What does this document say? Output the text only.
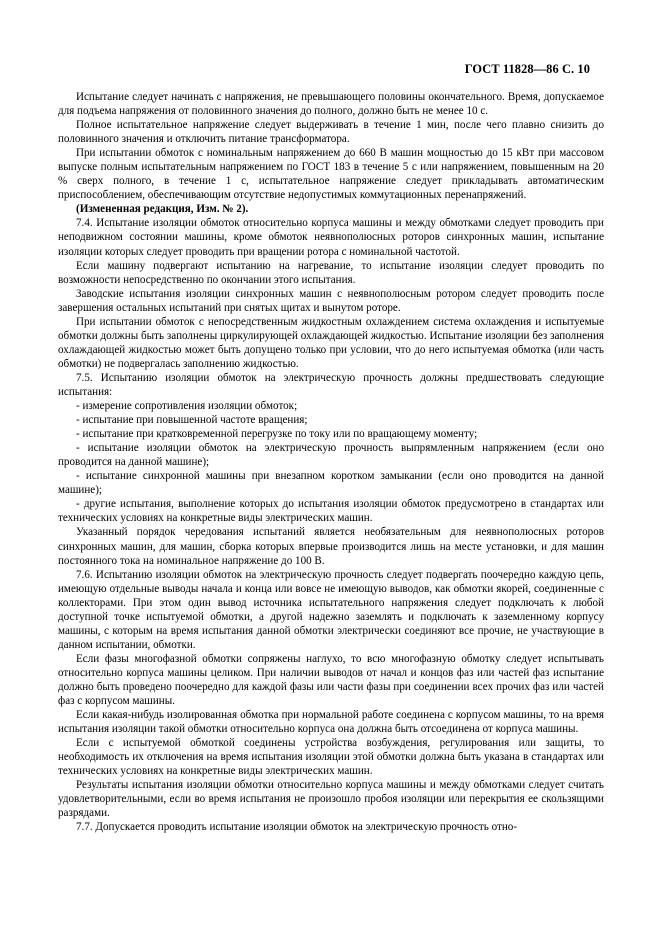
ГОСТ 11828—86 С. 10

Испытание следует начинать с напряжения, не превышающего половины окончательного. Время, допускаемое для подъема напряжения от половинного значения до полного, должно быть не менее 10 с.

Полное испытательное напряжение следует выдерживать в течение 1 мин, после чего плавно снизить до половинного значения и отключить питание трансформатора.

При испытании обмоток с номинальным напряжением до 660 В машин мощностью до 15 кВт при массовом выпуске полным испытательным напряжением по ГОСТ 183 в течение 5 с или напряжением, повышенным на 20 % сверх полного, в течение 1 с, испытательное напряжение следует прикладывать автоматическим приспособлением, обеспечивающим отсутствие недопустимых коммутационных перенапряжений.

(Измененная редакция, Изм. № 2).

7.4. Испытание изоляции обмоток относительно корпуса машины и между обмотками следует проводить при неподвижном состоянии машины, кроме обмоток неявнополюсных роторов синхронных машин, испытание изоляции которых следует проводить при вращении ротора с номинальной частотой.

Если машину подвергают испытанию на нагревание, то испытание изоляции следует проводить по возможности непосредственно по окончании этого испытания.

Заводские испытания изоляции синхронных машин с неявнополюсным ротором следует проводить после завершения остальных испытаний при снятых щитах и вынутом роторе.

При испытании обмоток с непосредственным жидкостным охлаждением система охлаждения и испытуемые обмотки должны быть заполнены циркулирующей охлаждающей жидкостью. Испытание изоляции без заполнения охлаждающей жидкостью может быть допущено только при условии, что до него испытуемая обмотка (или часть обмотки) не подвергалась заполнению жидкостью.

7.5. Испытанию изоляции обмоток на электрическую прочность должны предшествовать следующие испытания:

- измерение сопротивления изоляции обмоток;

- испытание при повышенной частоте вращения;

- испытание при кратковременной перегрузке по току или по вращающему моменту;

- испытание изоляции обмоток на электрическую прочность выпрямленным напряжением (если оно проводится на данной машине);

- испытание синхронной машины при внезапном коротком замыкании (если оно проводится на данной машине);

- другие испытания, выполнение которых до испытания изоляции обмоток предусмотрено в стандартах или технических условиях на конкретные виды электрических машин.

Указанный порядок чередования испытаний является необязательным для неявнополюсных роторов синхронных машин, для машин, сборка которых впервые производится лишь на месте установки, и для машин постоянного тока на номинальное напряжение до 100 В.

7.6. Испытанию изоляции обмоток на электрическую прочность следует подвергать поочередно каждую цепь, имеющую отдельные выводы начала и конца или вовсе не имеющую выводов, как обмотки якорей, соединенные с коллекторами. При этом один вывод источника испытательного напряжения следует подключать к любой доступной точке испытуемой обмотки, а другой надежно заземлять и подключать к заземленному корпусу машины, с которым на время испытания данной обмотки электрически соединяют все прочие, не участвующие в данном испытании, обмотки.

Если фазы многофазной обмотки сопряжены наглухо, то всю многофазную обмотку следует испытывать относительно корпуса машины целиком. При наличии выводов от начал и концов фаз или частей фаз испытание должно быть проведено поочередно для каждой фазы или части фазы при соединении всех прочих фаз или частей фаз с корпусом машины.

Если какая-нибудь изолированная обмотка при нормальной работе соединена с корпусом машины, то на время испытания изоляции такой обмотки относительно корпуса она должна быть отсоединена от корпуса машины.

Если с испытуемой обмоткой соединены устройства возбуждения, регулирования или защиты, то необходимость их отключения на время испытания изоляции этой обмотки должна быть указана в стандартах или технических условиях на конкретные виды электрических машин.

Результаты испытания изоляции обмотки относительно корпуса машины и между обмотками следует считать удовлетворительными, если во время испытания не произошло пробоя изоляции или перекрытия ее скользящими разрядами.

7.7. Допускается проводить испытание изоляции обмоток на электрическую прочность отно-
